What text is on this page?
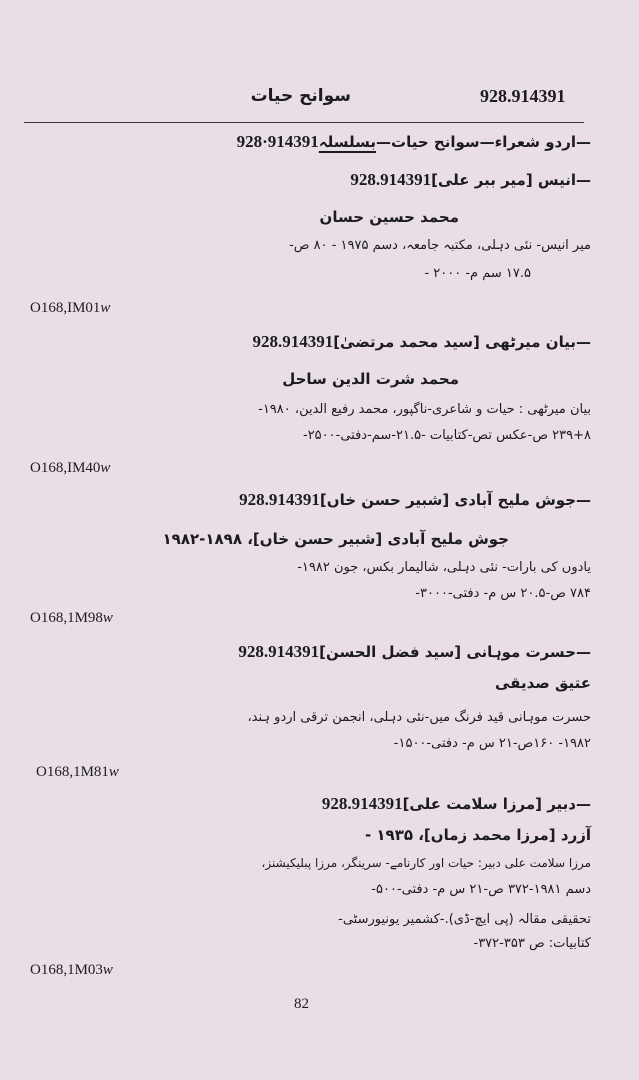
سوانح حیات	928.914391
928·914391	—اردو شعراء—سوانح حیات—بسلسلہ
928.914391—انیس [میر ببر علی]
محمد حسین حسان
میر انیس- نئی دہلی، مکتبہ جامعہ، دسم ۱۹۷۵ - ۸۰ ص-
۱۷.۵ سم م- ۲۰۰۰ -
O168,IM01w
928.914391—بیان میرٹھی [سید محمد مرتضیٰ]
محمد شرت الدین ساحل
بیان میرٹھی : حیات و شاعری-ناگپور، محمد رفیع الدین، ۱۹۸۰-
۲۳۹+۸ ص-عکس تص-کتابیات -۲۱.۵-سم-دفتی-۲۵۰۰-
O168,IM40w
928.914391—جوش ملیح آبادی [شبیر حسن خاں]
جوش ملیح آبادی [شبیر حسن خاں]، ۱۸۹۸-۱۹۸۲
یادوں کی بارات- نئی دہلی، شالیمار بکس، جون ۱۹۸۲-
۷۸۴ ص-۲۰.۵ س م- دفتی-۳۰۰۰-
O168,1M98w
928.914391—حسرت موہانی [سید فضل الحسن]
عتیق صدیقی
حسرت موہانی قید فرنگ میں-نئی دہلی، انجمن ترقی اردو ہند،
۱۹۸۲- ۱۶۰ص-۲۱ س م- دفتی-۱۵۰۰-
O168,1M81w
928.914391—دبیر [مرزا سلامت علی]
آزرد [مرزا محمد زماں]، ۱۹۳۵ -
مرزا سلامت علی دبیر: حیات اور کارنامے- سرینگر، مرزا پبلیکیشنز،
دسم ۱۹۸۱-۳۷۲ ص-۲۱ س م- دفتی-۵۰۰-
تحقیقی مقالہ (پی ایچ-ڈی).-کشمیر یونیورسٹی-
کتابیات: ص ۳۵۳-۳۷۲-
O168,1M03w
82
